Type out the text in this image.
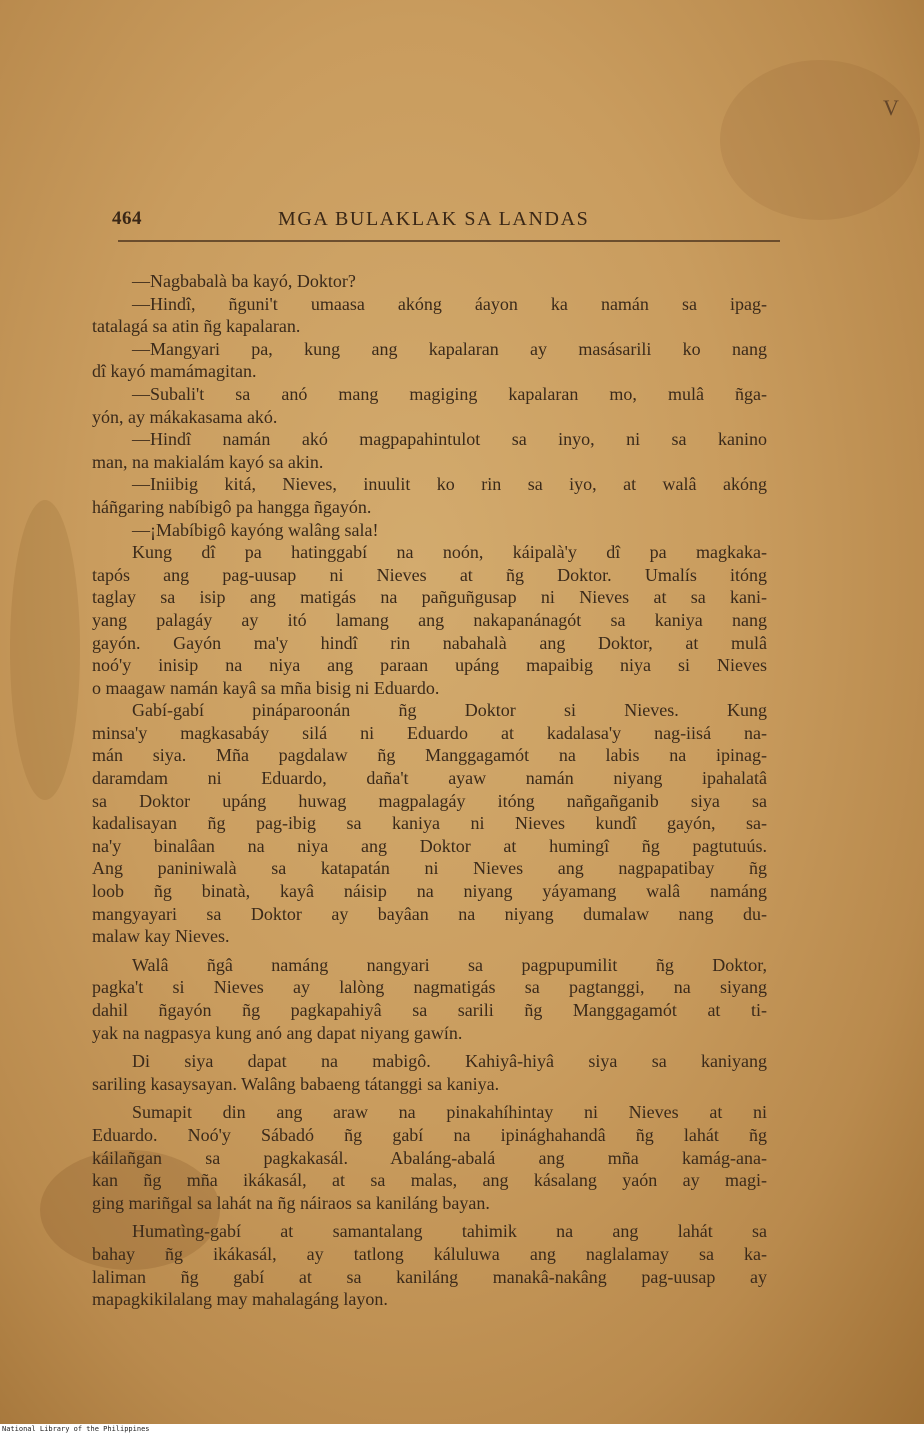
V
464	MGA BULAKLAK SA LANDAS
—Nagbabalà ba kayó, Doktor?
—Hindî, ñguni't umaasa akóng áayon ka namán sa ipag-
tatalagá sa atin ñg kapalaran.
—Mangyari pa, kung ang kapalaran ay masásarili ko nang
dî kayó mamámagitan.
—Subali't sa anó mang magiging kapalaran mo, mulâ ñga-
yón, ay mákakasama akó.
—Hindî namán akó magpapahintulot sa inyo, ni sa kanino
man, na makialám kayó sa akin.
—Iniibig kitá, Nieves, inuulit ko rin sa iyo, at walâ akóng
háñgaring nabíbigô pa hangga ñgayón.
—¡Mabíbigô kayóng walâng sala!
Kung dî pa hatinggabí na noón, káipalà'y dî pa magkaka-
tapós ang pag-uusap ni Nieves at ñg Doktor. Umalís itóng
taglay sa isip ang matigás na pañguñgusap ni Nieves at sa kani-
yang palagáy ay itó lamang ang nakapanánagót sa kaniya nang
gayón. Gayón ma'y hindî rin nabahalà ang Doktor, at mulâ
noó'y inisip na niya ang paraan upáng mapaibig niya si Nieves
o maagaw namán kayâ sa mña bisig ni Eduardo.
Gabí-gabí pináparoonán ñg Doktor si Nieves. Kung
minsa'y magkasabáy silá ni Eduardo at kadalasa'y nag-iisá na-
mán siya. Mña pagdalaw ñg Manggagamót na labis na ipinag-
daramdam ni Eduardo, daña't ayaw namán niyang ipahalatâ
sa Doktor upáng huwag magpalagáy itóng nañgañganib siya sa
kadalisayan ñg pag-ibig sa kaniya ni Nieves kundî gayón, sa-
na'y binalâan na niya ang Doktor at humingî ñg pagtutuús.
Ang paniniwalà sa katapatán ni Nieves ang nagpapatibay ñg
loob ñg binatà, kayâ náisip na niyang yáyamang walâ namáng
mangyayari sa Doktor ay bayâan na niyang dumalaw nang du-
malaw kay Nieves.
Walâ ñgâ namáng nangyari sa pagpupumilit ñg Doktor,
pagka't si Nieves ay lalòng nagmatigás sa pagtanggi, na siyang
dahil ñgayón ñg pagkapahiyâ sa sarili ñg Manggagamót at ti-
yak na nagpasya kung anó ang dapat niyang gawín.
Di siya dapat na mabigô. Kahiyâ-hiyâ siya sa kaniyang
sariling kasaysayan. Walâng babaeng tátanggi sa kaniya.
Sumapit din ang araw na pinakahíhintay ni Nieves at ni
Eduardo. Noó'y Sábadó ñg gabí na ipinághahandâ ñg lahát ñg
káilañgan sa pagkakasál. Abaláng-abalá ang mña kamág-ana-
kan ñg mña ikákasál, at sa malas, ang kásalang yaón ay magi-
ging mariñgal sa lahát na ñg náiraos sa kaniláng bayan.
Humatìng-gabí at samantalang tahimik na ang lahát sa
bahay ñg ikákasál, ay tatlong káluluwa ang naglalamay sa ka-
laliman ñg gabí at sa kaniláng manakâ-nakâng pag-uusap ay
mapagkikilalang may mahalagáng layon.
National Library of the Philippines
